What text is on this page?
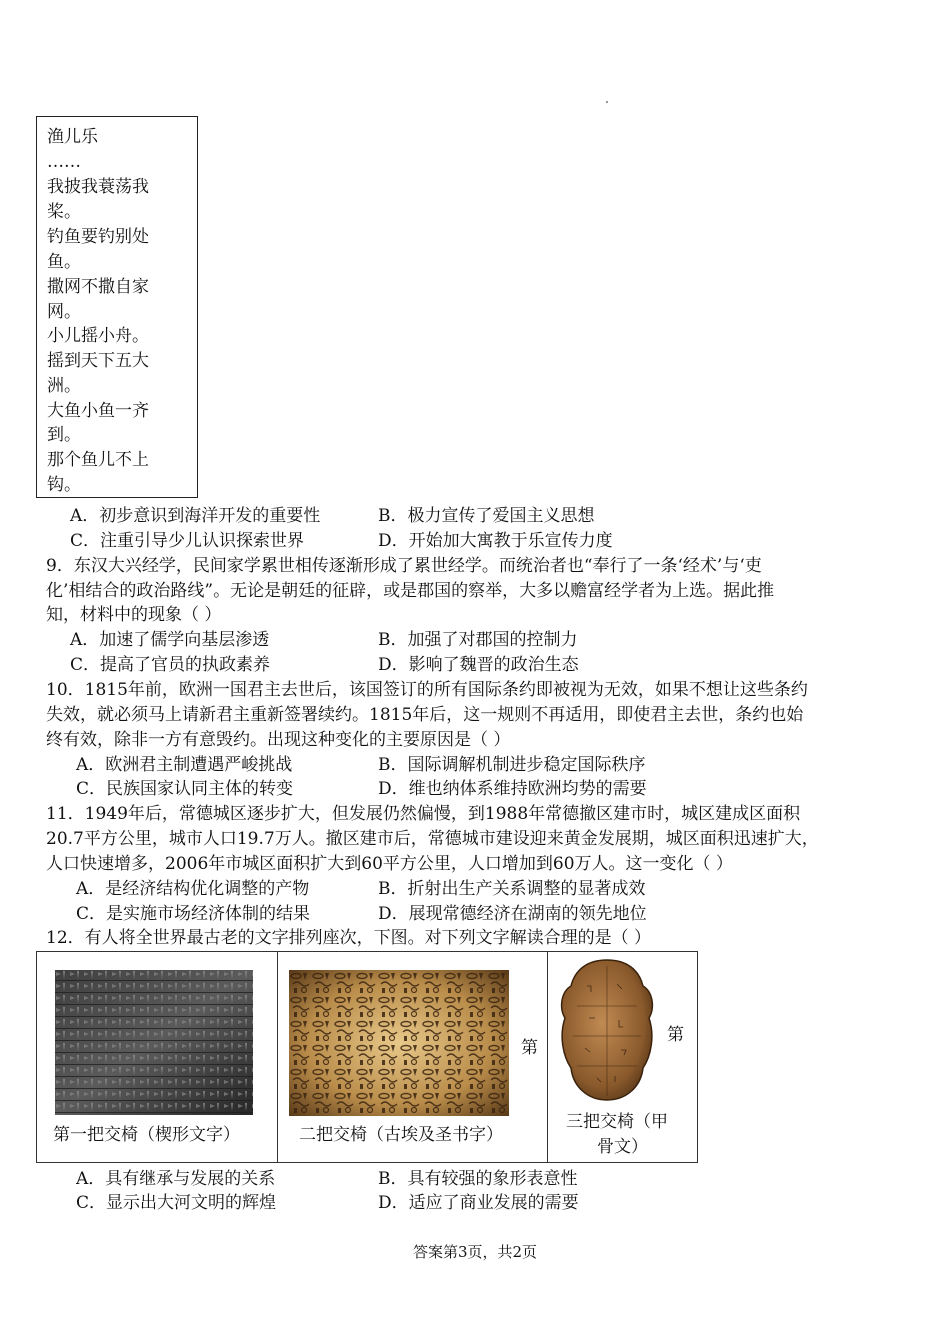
渔儿乐
……
我披我蓑荡我
桨。
钓鱼要钓别处
鱼。
撒网不撒自家
网。
小儿摇小舟。
摇到天下五大
洲。
大鱼小鱼一齐
到。
那个鱼儿不上
钩。
A．初步意识到海洋开发的重要性	B．极力宣传了爱国主义思想
C．注重引导少儿认识探索世界	D．开始加大寓教于乐宣传力度
9．东汉大兴经学，民间家学累世相传逐渐形成了累世经学。而统治者也“奉行了一条‘经术’与‘吏
化’相结合的政治路线”。无论是朝廷的征辟，或是郡国的察举，大多以赡富经学者为上选。据此推
知，材料中的现象（ ）
A．加速了儒学向基层渗透	B．加强了对郡国的控制力
C．提高了官员的执政素养	D．影响了魏晋的政治生态
10．1815年前，欧洲一国君主去世后，该国签订的所有国际条约即被视为无效，如果不想让这些条约
失效，就必须马上请新君主重新签署续约。1815年后，这一规则不再适用，即使君主去世，条约也始
终有效，除非一方有意毁约。出现这种变化的主要原因是（ ）
A．欧洲君主制遭遇严峻挑战	B．国际调解机制进步稳定国际秩序
C．民族国家认同主体的转变	D．维也纳体系维持欧洲均势的需要
11．1949年后，常德城区逐步扩大，但发展仍然偏慢，到1988年常德撤区建市时，城区建成区面积
20.7平方公里，城市人口19.7万人。撤区建市后，常德城市建设迎来黄金发展期，城区面积迅速扩大，
人口快速增多，2006年市城区面积扩大到60平方公里，人口增加到60万人。这一变化（ ）
A．是经济结构优化调整的产物	B．折射出生产关系调整的显著成效
C．是实施市场经济体制的结果	D．展现常德经济在湖南的领先地位
12．有人将全世界最古老的文字排列座次，下图。对下列文字解读合理的是（ ）
第一把交椅（楔形文字）
第
二把交椅（古埃及圣书字）
第
三把交椅（甲
骨文）
A．具有继承与发展的关系	B．具有较强的象形表意性
C．显示出大河文明的辉煌	D．适应了商业发展的需要
答案第3页，共2页
